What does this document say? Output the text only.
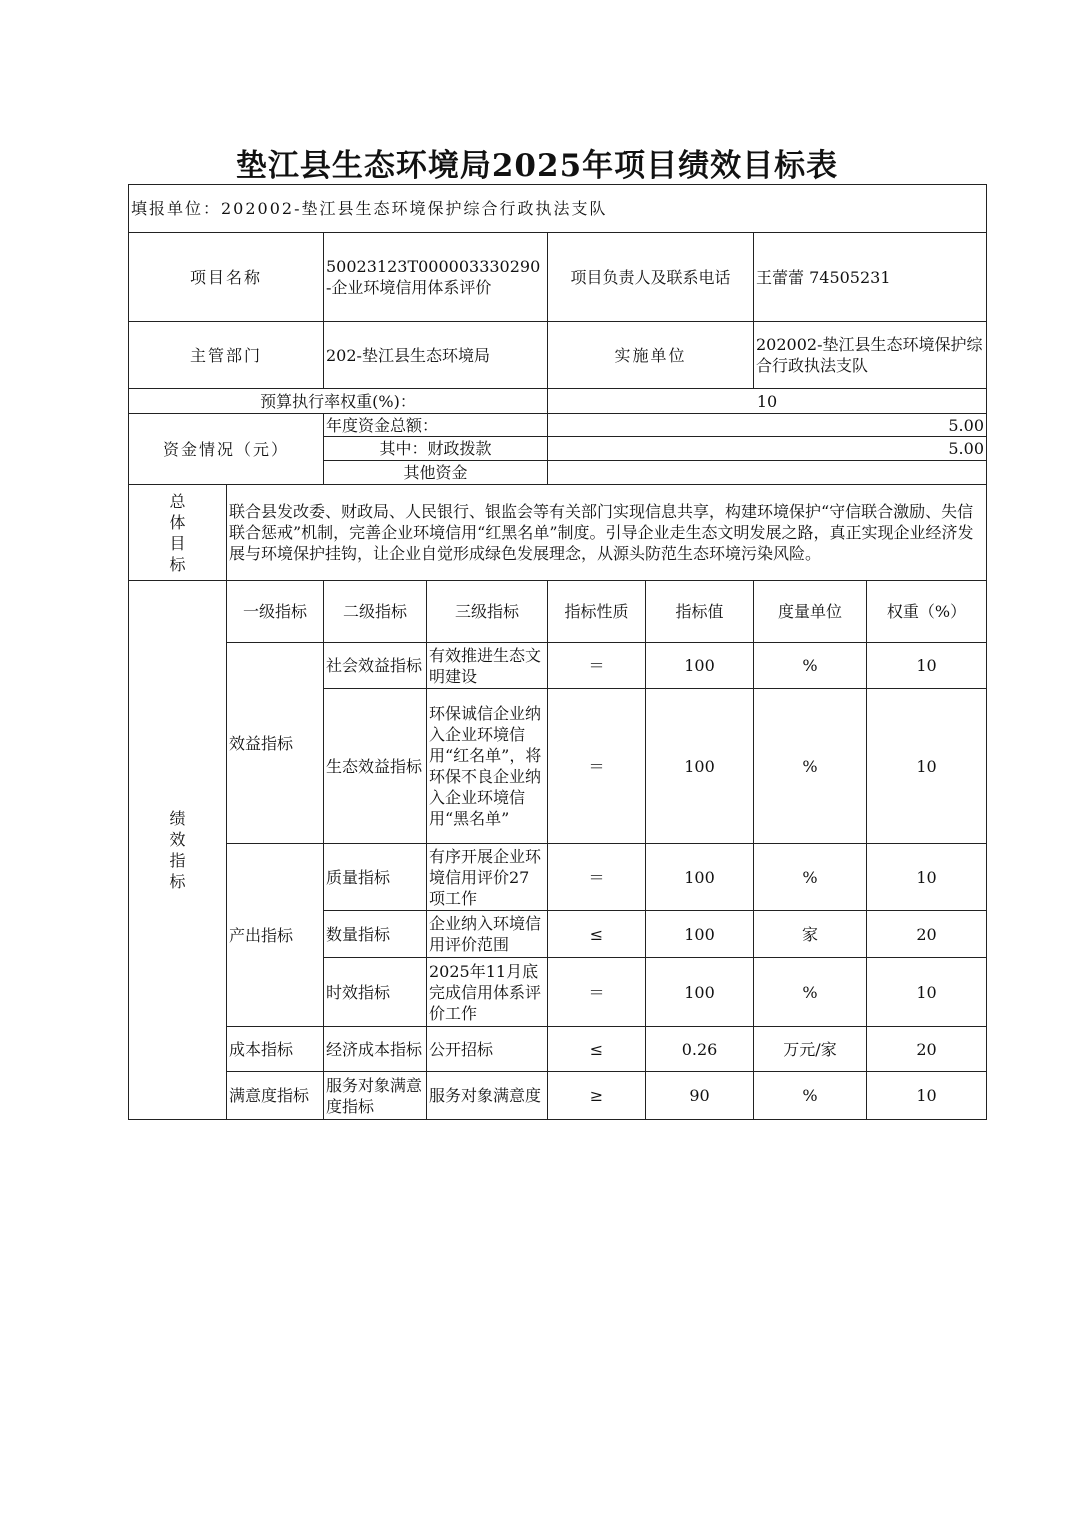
垫江县生态环境局2025年项目绩效目标表
填报单位：202002-垫江县生态环境保护综合行政执法支队							
项目名称		50023123T000003330290-企业环境信用体系评价		项目负责人及联系电话		王蕾蕾 74505231	
主管部门		202-垫江县生态环境局		实施单位		202002-垫江县生态环境保护综合行政执法支队	
预算执行率权重(%)：				10			
资金情况（元）		年度资金总额：		5.00			
		其中：财政拨款		5.00			
		其他资金					

总
体
目
标	联合县发改委、财政局、人民银行、银监会等有关部门实现信息共享，构建环境保护“守信联合激励、失信联合惩戒”机制，完善企业环境信用“红黑名单”制度。引导企业走生态文明发展之路，真正实现企业经济发展与环境保护挂钩，让企业自觉形成绿色发展理念，从源头防范生态环境污染风险。						

绩
效
指
标	一级指标	二级指标	三级指标	指标性质	指标值	度量单位	权重（%）
	效益指标	社会效益指标	有效推进生态文明建设	＝	100	%	10
		生态效益指标	环保诚信企业纳入企业环境信用“红名单”，将环保不良企业纳入企业环境信用“黑名单”	＝	100	%	10
	产出指标	质量指标	有序开展企业环境信用评价27项工作	＝	100	%	10
		数量指标	企业纳入环境信用评价范围	≤	100	家	20
		时效指标	2025年11月底完成信用体系评价工作	＝	100	%	10
	成本指标	经济成本指标	公开招标	≤	0.26	万元/家	20
	满意度指标	服务对象满意度指标	服务对象满意度	≥	90	%	10
